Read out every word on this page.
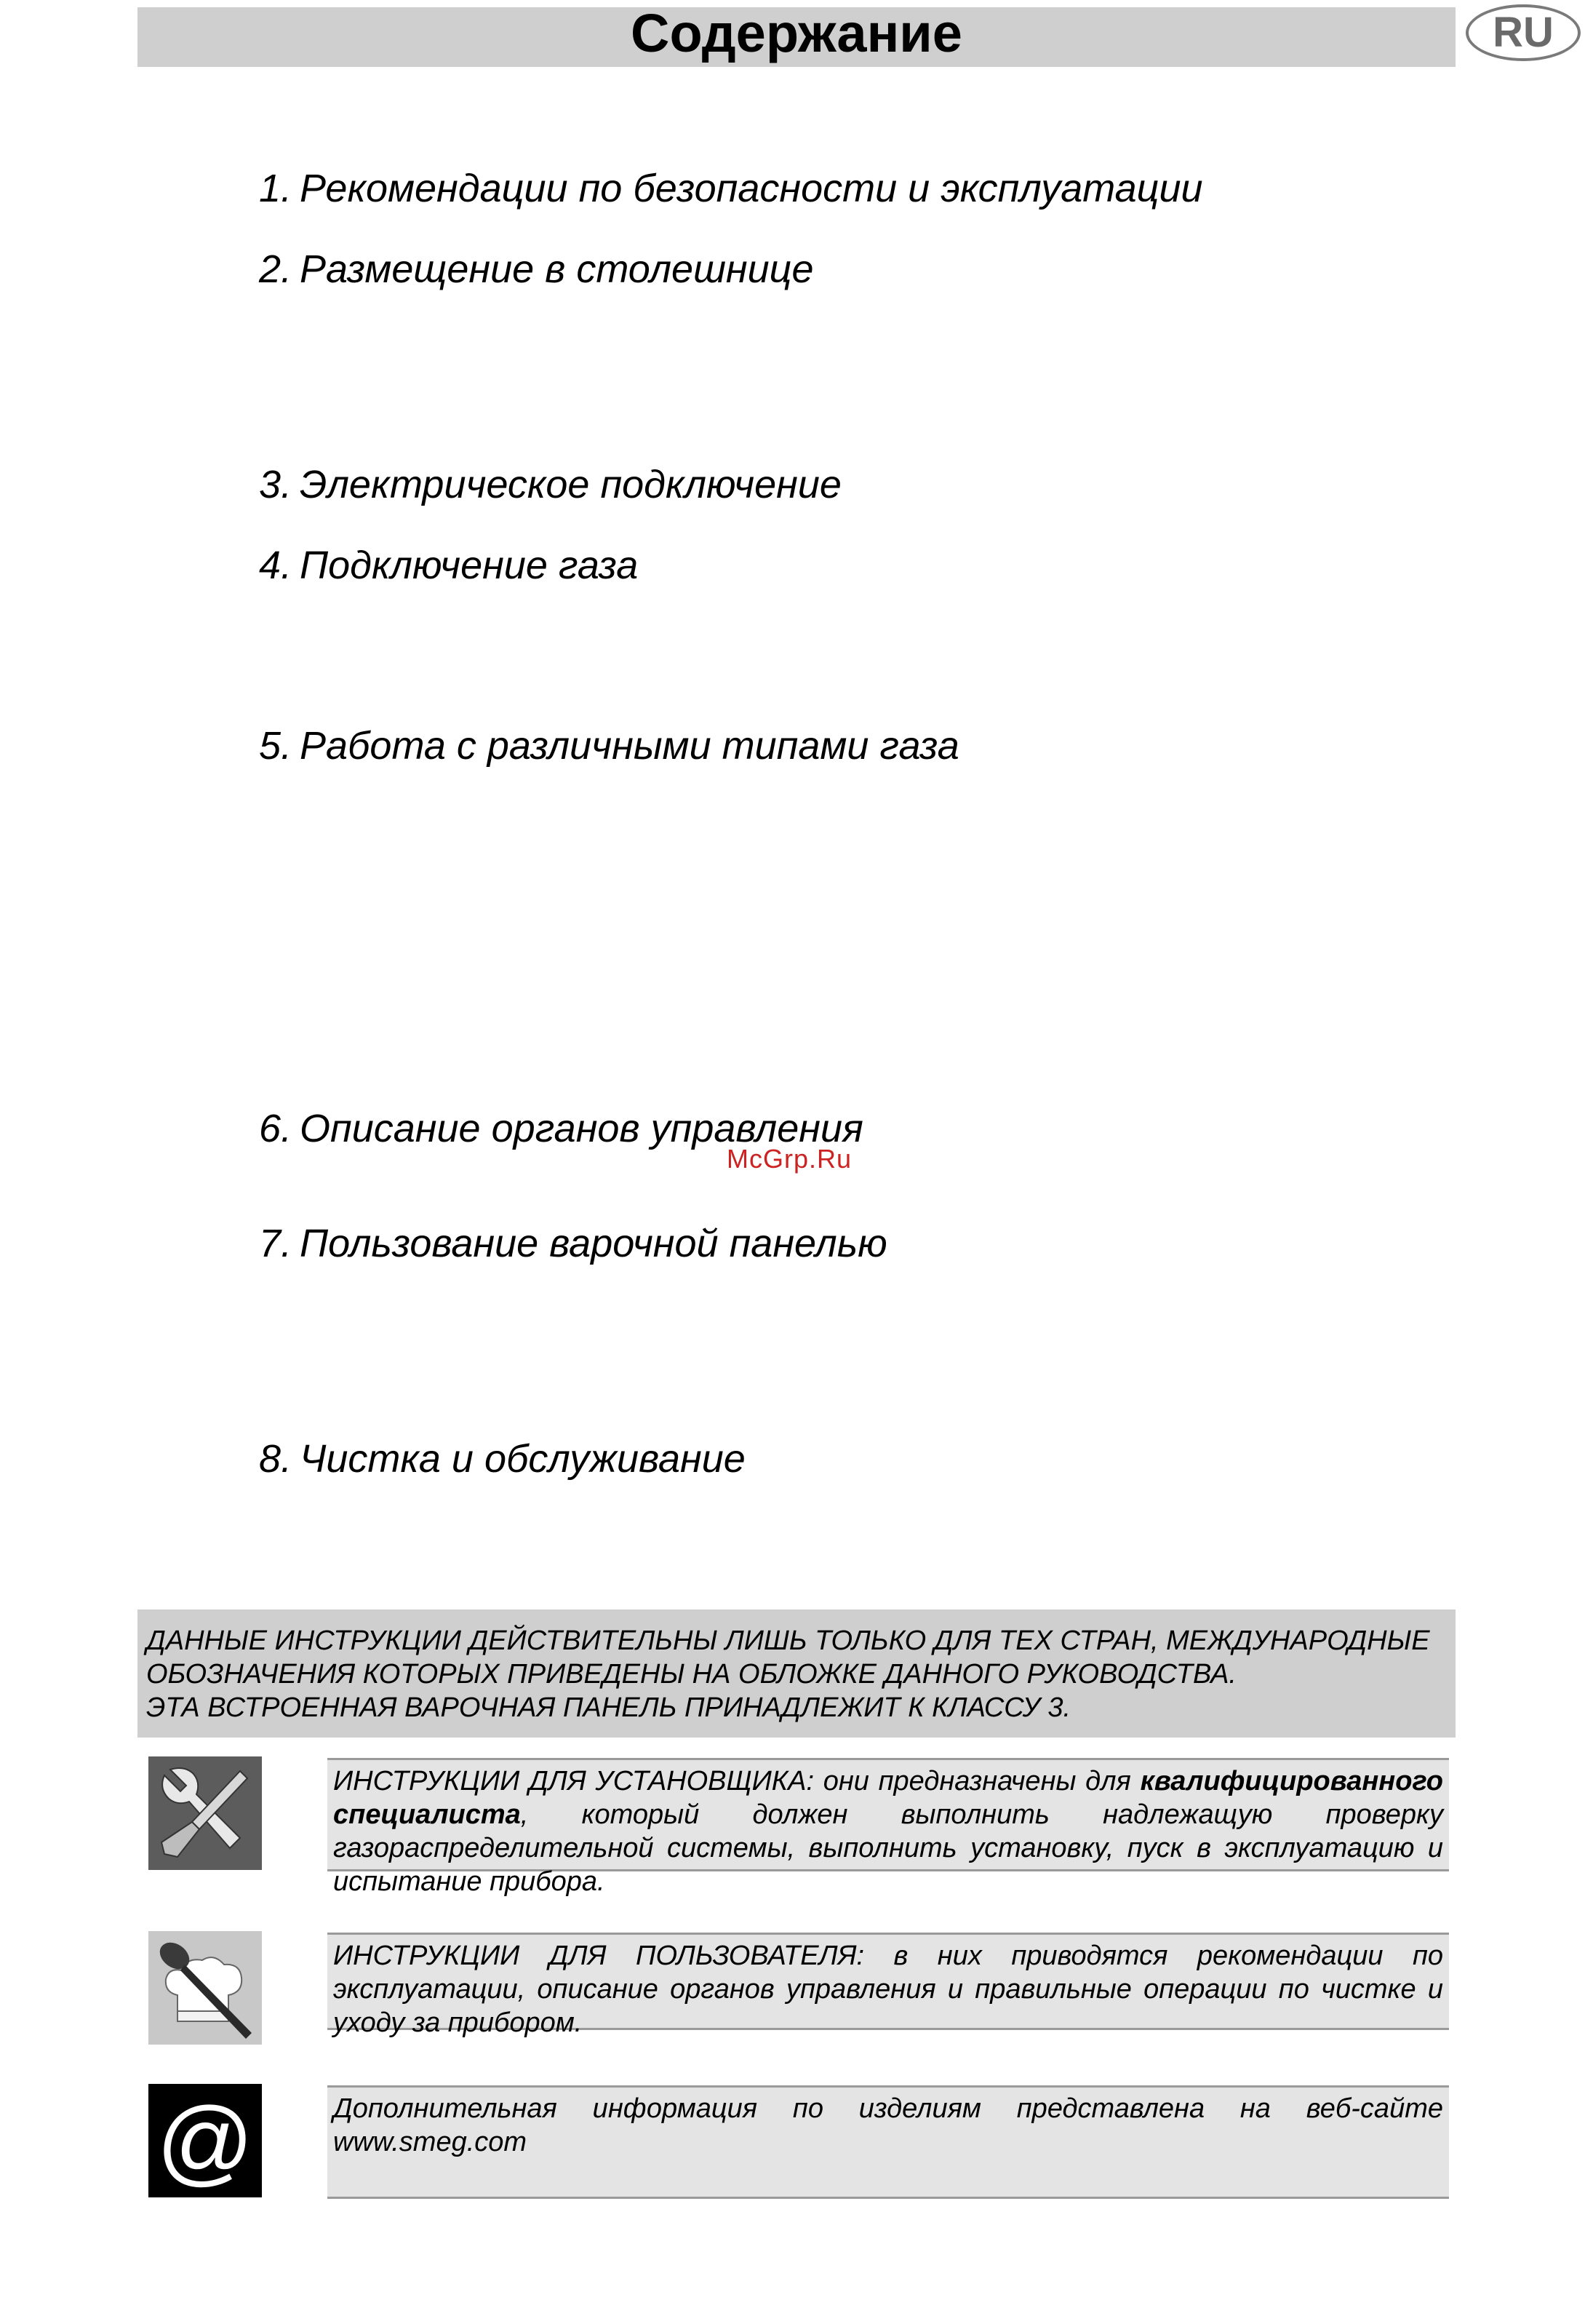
Содержание	RU
1. Рекомендации по безопасности и эксплуатации
2. Размещение в столешнице
3. Электрическое подключение
4. Подключение газа
5. Работа с различными типами газа
6. Описание органов управления
7. Пользование варочной панелью
8. Чистка и обслуживание
McGrp.Ru

ДАННЫЕ ИНСТРУКЦИИ ДЕЙСТВИТЕЛЬНЫ ЛИШЬ ТОЛЬКО ДЛЯ ТЕХ СТРАН, МЕЖДУНАРОДНЫЕ

ОБОЗНАЧЕНИЯ КОТОРЫХ ПРИВЕДЕНЫ НА ОБЛОЖКЕ ДАННОГО РУКОВОДСТВА.

ЭТА ВСТРОЕННАЯ ВАРОЧНАЯ ПАНЕЛЬ ПРИНАДЛЕЖИТ К КЛАССУ 3.

ИНСТРУКЦИИ ДЛЯ УСТАНОВЩИКА: они предназначены для квалифицированного специалиста, который должен выполнить надлежащую проверку газораспределительной системы, выполнить установку, пуск в эксплуатацию и испытание прибора.
ИНСТРУКЦИИ ДЛЯ ПОЛЬЗОВАТЕЛЯ: в них приводятся рекомендации по эксплуатации, описание органов управления и правильные операции по чистке и уходу за прибором.
@	Дополнительная информация по изделиям представлена на веб-сайте www.smeg.com
